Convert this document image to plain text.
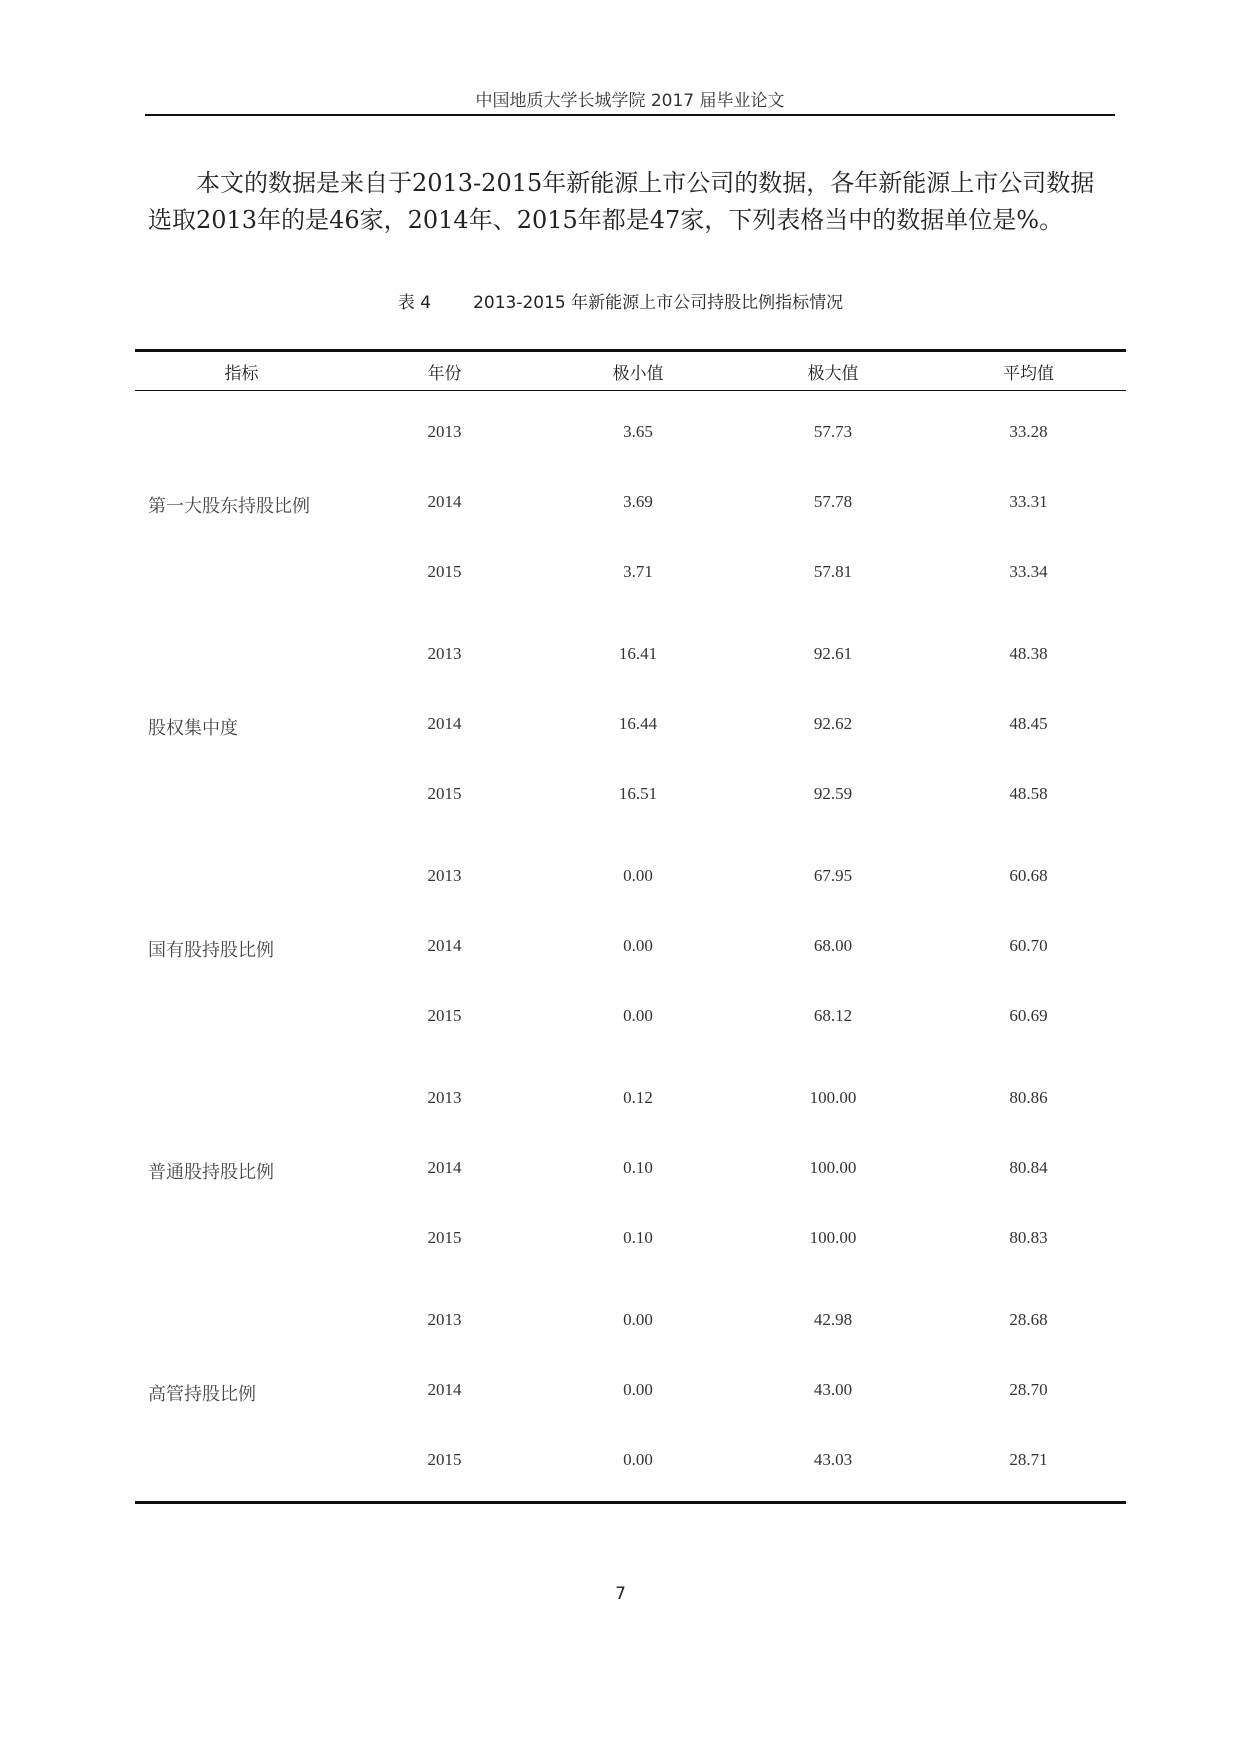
中国地质大学长城学院 2017 届毕业论文

本文的数据是来自于2013-2015年新能源上市公司的数据，各年新能源上市公司数据选取2013年的是46家，2014年、2015年都是47家，下列表格当中的数据单位是%。

表 4 2013-2015 年新能源上市公司持股比例指标情况
指标	年份	极小值	极大值	平均值
第一大股东持股比例	2013	3.65	57.73	33.28
	2014	3.69	57.78	33.31
	2015	3.71	57.81	33.34
股权集中度	2013	16.41	92.61	48.38
	2014	16.44	92.62	48.45
	2015	16.51	92.59	48.58
国有股持股比例	2013	0.00	67.95	60.68
	2014	0.00	68.00	60.70
	2015	0.00	68.12	60.69
普通股持股比例	2013	0.12	100.00	80.86
	2014	0.10	100.00	80.84
	2015	0.10	100.00	80.83
高管持股比例	2013	0.00	42.98	28.68
	2014	0.00	43.00	28.70
	2015	0.00	43.03	28.71
7
